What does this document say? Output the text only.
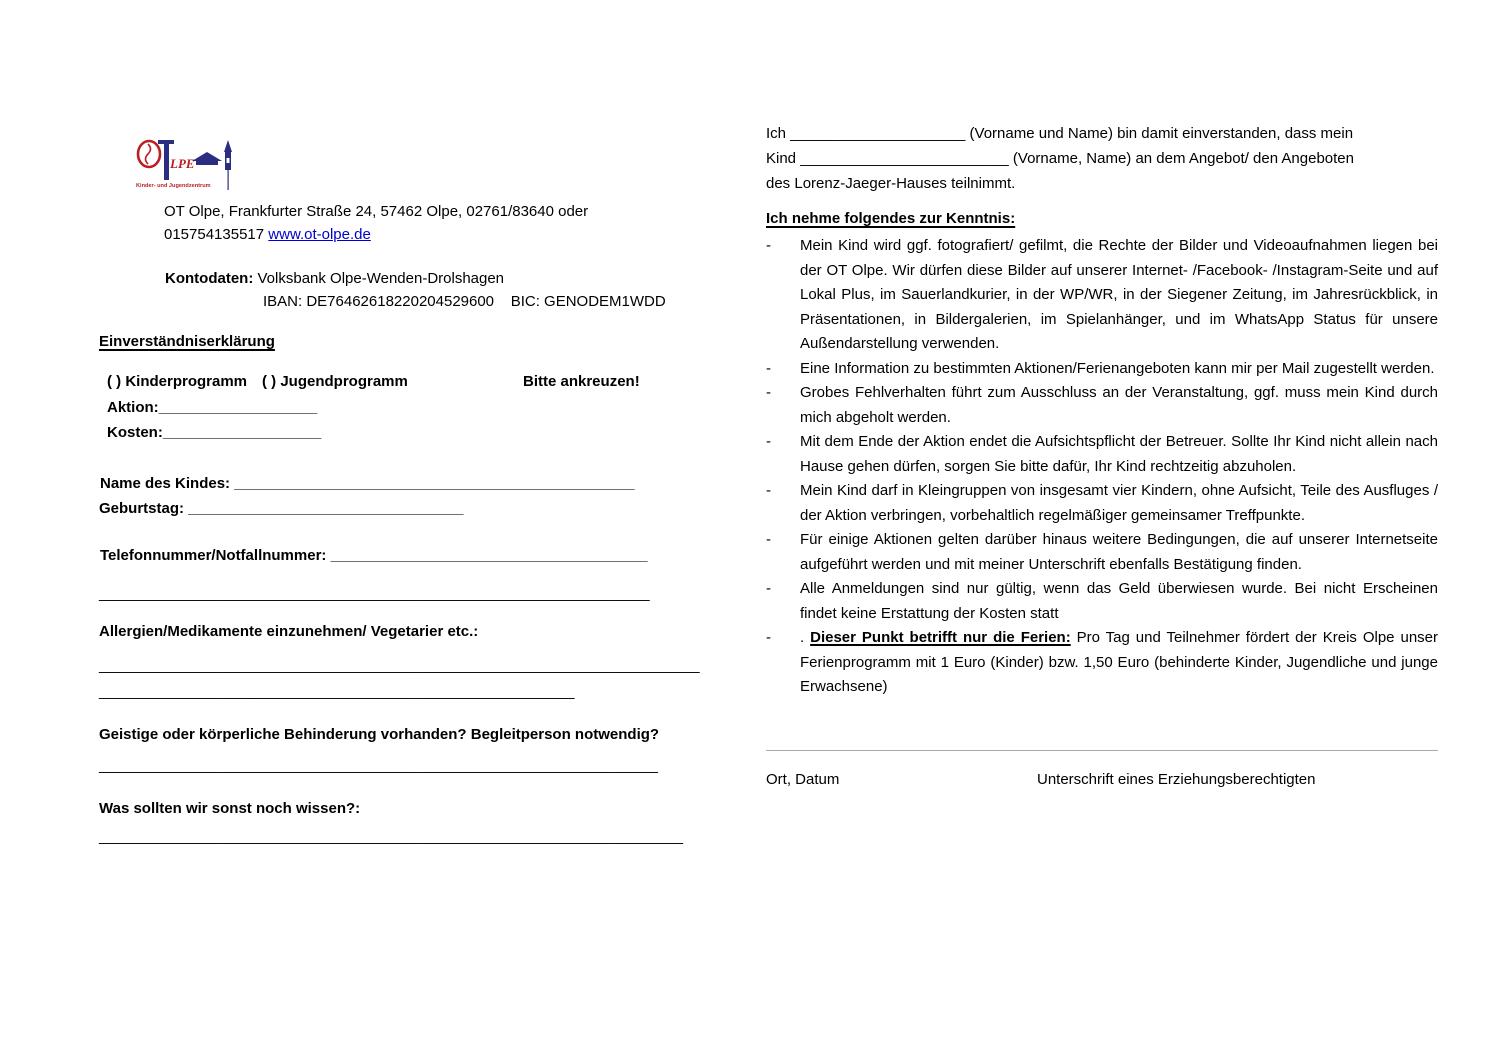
LPE
Kinder- und Jugendzentrum

OT Olpe, Frankfurter Straße 24, 57462 Olpe, 02761/83640 oder
015754135517 www.ot-olpe.de

Kontodaten: Volksbank Olpe-Wenden-Drolshagen
IBAN: DE76462618220204529600    BIC: GENODEM1WDD

Einverständniserklärung

( ) Kinderprogramm ( ) Jugendprogramm	Bitte ankreuzen!

Aktion:___________________

Kosten:___________________

Name des Kindes: ________________________________________________

Geburtstag: _________________________________

Telefonnummer/Notfallnummer: ______________________________________

__________________________________________________________________

Allergien/Medikamente einzunehmen/ Vegetarier etc.:

________________________________________________________________________

_________________________________________________________

Geistige oder körperliche Behinderung vorhanden? Begleitperson notwendig?

___________________________________________________________________

Was sollten wir sonst noch wissen?:

______________________________________________________________________

Ich _____________________ (Vorname und Name) bin damit einverstanden, dass mein

Kind _________________________ (Vorname, Name) an dem Angebot/ den Angeboten

des Lorenz-Jaeger-Hauses teilnimmt.

Ich nehme folgendes zur Kenntnis:

-	Mein Kind wird ggf. fotografiert/ gefilmt, die Rechte der Bilder und Videoaufnahmen liegen bei der OT Olpe. Wir dürfen diese Bilder auf unserer Internet- /Facebook- /Instagram-Seite und auf Lokal Plus, im Sauerlandkurier, in der WP/WR, in der Siegener Zeitung, im Jahresrückblick, in Präsentationen, in Bildergalerien, im Spielanhänger, und im WhatsApp Status für unsere Außendarstellung verwenden.
-	Eine Information zu bestimmten Aktionen/Ferienangeboten kann mir per Mail zugestellt werden.
-	Grobes Fehlverhalten führt zum Ausschluss an der Veranstaltung, ggf. muss mein Kind durch mich abgeholt werden.
-	Mit dem Ende der Aktion endet die Aufsichtspflicht der Betreuer. Sollte Ihr Kind nicht allein nach Hause gehen dürfen, sorgen Sie bitte dafür, Ihr Kind rechtzeitig abzuholen.
-	Mein Kind darf in Kleingruppen von insgesamt vier Kindern, ohne Aufsicht, Teile des Ausfluges / der Aktion verbringen, vorbehaltlich regelmäßiger gemeinsamer Treffpunkte.
-	Für einige Aktionen gelten darüber hinaus weitere Bedingungen, die auf unserer Internetseite aufgeführt werden und mit meiner Unterschrift ebenfalls Bestätigung finden.
-	Alle Anmeldungen sind nur gültig, wenn das Geld überwiesen wurde. Bei nicht Erscheinen findet keine Erstattung der Kosten statt
-	. Dieser Punkt betrifft nur die Ferien: Pro Tag und Teilnehmer fördert der Kreis Olpe unser Ferienprogramm mit 1 Euro (Kinder) bzw. 1,50 Euro (behinderte Kinder, Jugendliche und junge Erwachsene)
Ort, Datum	Unterschrift eines Erziehungsberechtigten
